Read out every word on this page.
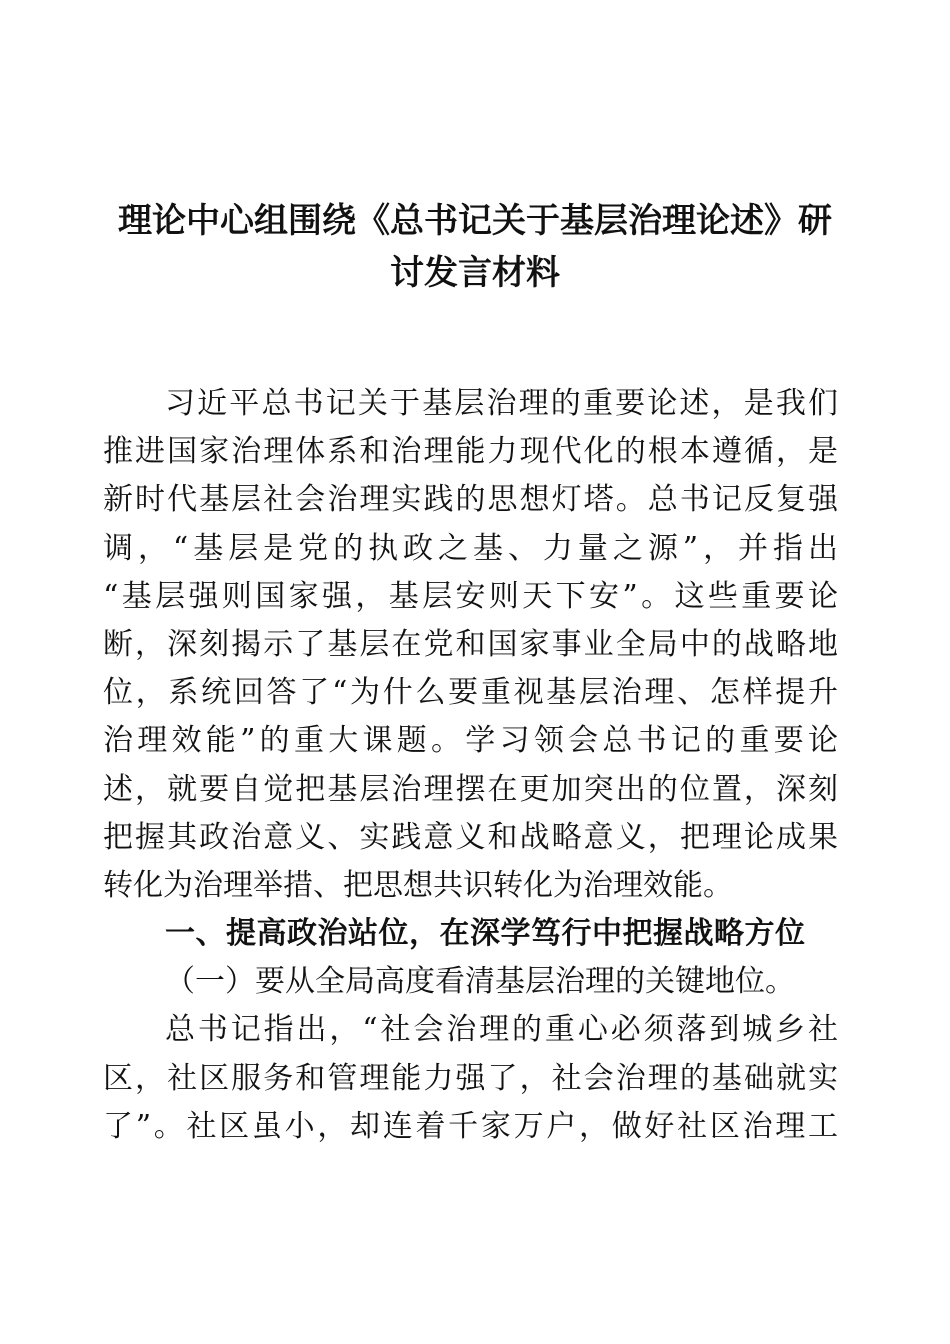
理论中心组围绕《总书记关于基层治理论述》研
讨发言材料
习近平总书记关于基层治理的重要论述，是我们
推进国家治理体系和治理能力现代化的根本遵循，是
新时代基层社会治理实践的思想灯塔。总书记反复强
调，“基层是党的执政之基、力量之源”，并指出
“基层强则国家强，基层安则天下安”。这些重要论
断，深刻揭示了基层在党和国家事业全局中的战略地
位，系统回答了“为什么要重视基层治理、怎样提升
治理效能”的重大课题。学习领会总书记的重要论
述，就要自觉把基层治理摆在更加突出的位置，深刻
把握其政治意义、实践意义和战略意义，把理论成果
转化为治理举措、把思想共识转化为治理效能。
一、提高政治站位，在深学笃行中把握战略方位
（一）要从全局高度看清基层治理的关键地位。
总书记指出，“社会治理的重心必须落到城乡社
区，社区服务和管理能力强了，社会治理的基础就实
了”。社区虽小，却连着千家万户，做好社区治理工
